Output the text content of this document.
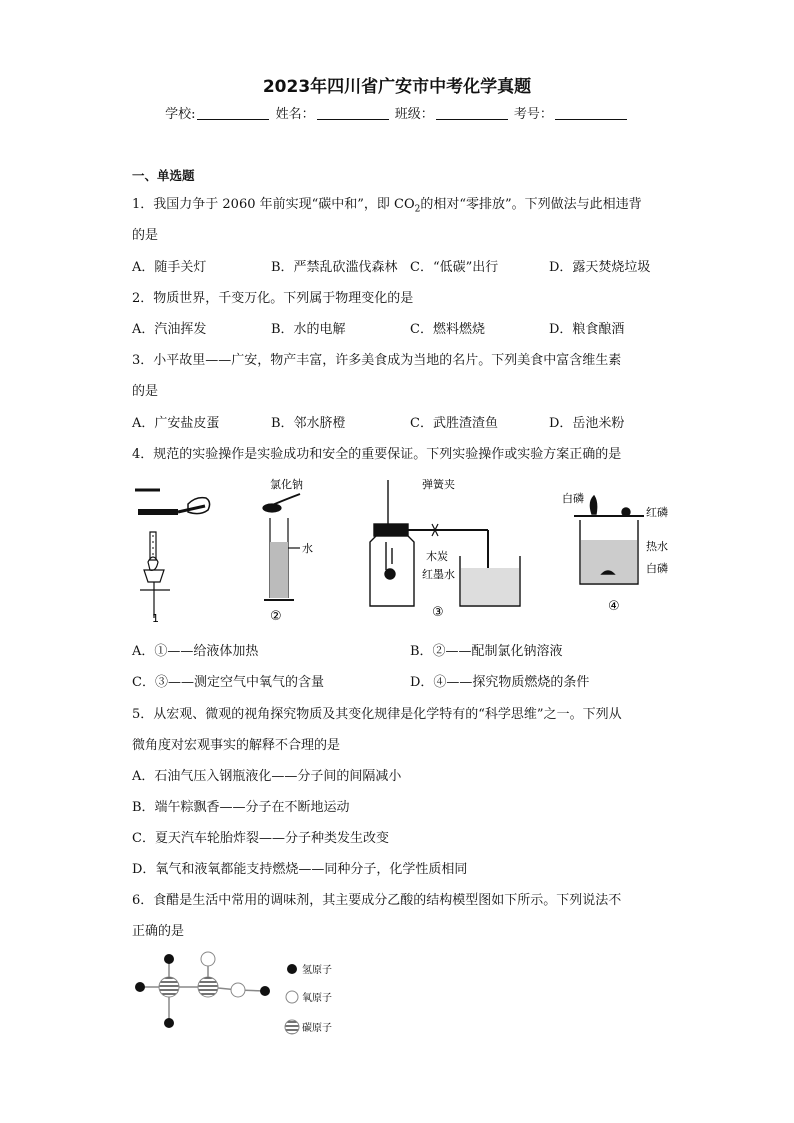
2023年四川省广安市中考化学真题
学校:	姓名：	班级：	考号：
一、单选题
1．我国力争于 2060 年前实现“碳中和”，即 $CO_2$的相对“零排放”。下列做法与此相违背
的是
A．随手关灯	B．严禁乱砍滥伐森林 C．“低碳”出行	D．露天焚烧垃圾
2．物质世界，千变万化。下列属于物理变化的是
A．汽油挥发	B．水的电解	C．燃料燃烧	D．粮食酿酒
3．小平故里——广安，物产丰富，许多美食成为当地的名片。下列美食中富含维生素
的是
A．广安盐皮蛋	B．邻水脐橙	C．武胜渣渣鱼	D．岳池米粉
4．规范的实验操作是实验成功和安全的重要保证。下列实验操作或实验方案正确的是
1
氯化钠
水
②
弹簧夹
木炭
红墨水
③
白磷
红磷
热水
白磷
④
A．①——给液体加热	B．②——配制氯化钠溶液
C．③——测定空气中氧气的含量	D．④——探究物质燃烧的条件
5．从宏观、微观的视角探究物质及其变化规律是化学特有的“科学思维”之一。下列从
微角度对宏观事实的解释不合理的是
A．石油气压入钢瓶液化——分子间的间隔减小
B．端午粽飘香——分子在不断地运动
C．夏天汽车轮胎炸裂——分子种类发生改变
D．氧气和液氧都能支持燃烧——同种分子，化学性质相同
6．食醋是生活中常用的调味剂，其主要成分乙酸的结构模型图如下所示。下列说法不
正确的是
氢原子
氧原子
碳原子
